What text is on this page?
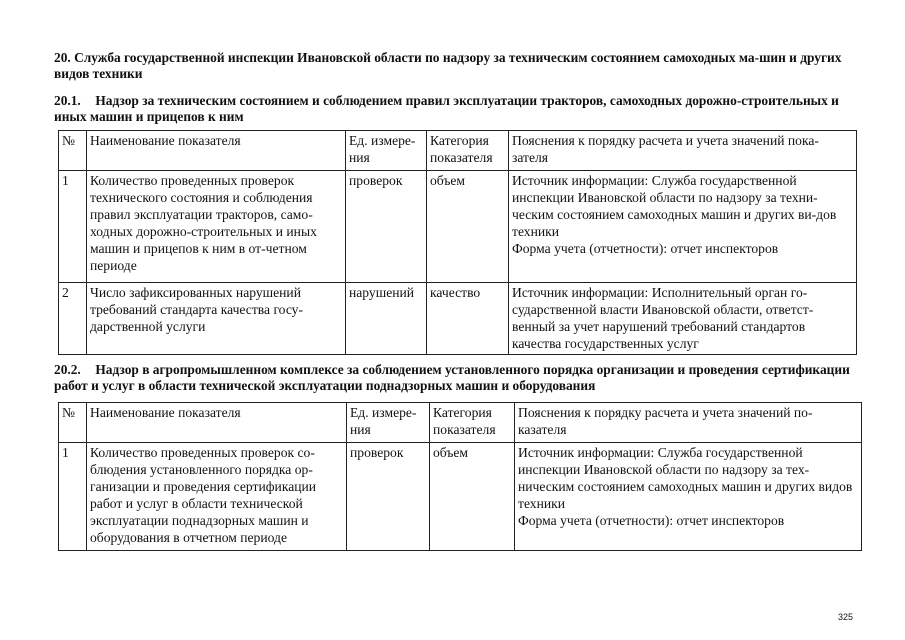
20. Служба государственной инспекции Ивановской области по надзору за техническим состоянием самоходных ма-шин и других видов техники
20.1. Надзор за техническим состоянием и соблюдением правил эксплуатации тракторов, самоходных дорожно-строительных и иных машин и прицепов к ним
№	Наименование показателя	Ед. измере-ния	Категория показателя	Пояснения к порядку расчета и учета значений пока-зателя
1	Количество проведенных проверок технического состояния и соблюдения правил эксплуатации тракторов, само-ходных дорожно-строительных и иных машин и прицепов к ним в от-четном периоде	проверок	объем	Источник информации: Служба государственной инспекции Ивановской области по надзору за техни-ческим состоянием самоходных машин и других ви-дов техники
Форма учета (отчетности): отчет инспекторов
2	Число зафиксированных нарушений требований стандарта качества госу-дарственной услуги	нарушений	качество	Источник информации: Исполнительный орган го-сударственной власти Ивановской области, ответст-венный за учет нарушений требований стандартов качества государственных услуг
20.2. Надзор в агропромышленном комплексе за соблюдением установленного порядка организации и проведения сертификации работ и услуг в области технической эксплуатации поднадзорных машин и оборудования
№	Наименование показателя	Ед. измере-ния	Категория показателя	Пояснения к порядку расчета и учета значений по-казателя
1	Количество проведенных проверок со-блюдения установленного порядка ор-ганизации и проведения сертификации работ и услуг в области технической эксплуатации поднадзорных машин и оборудования в отчетном периоде	проверок	объем	Источник информации: Служба государственной инспекции Ивановской области по надзору за тех-ническим состоянием самоходных машин и других видов техники
Форма учета (отчетности): отчет инспекторов
325
